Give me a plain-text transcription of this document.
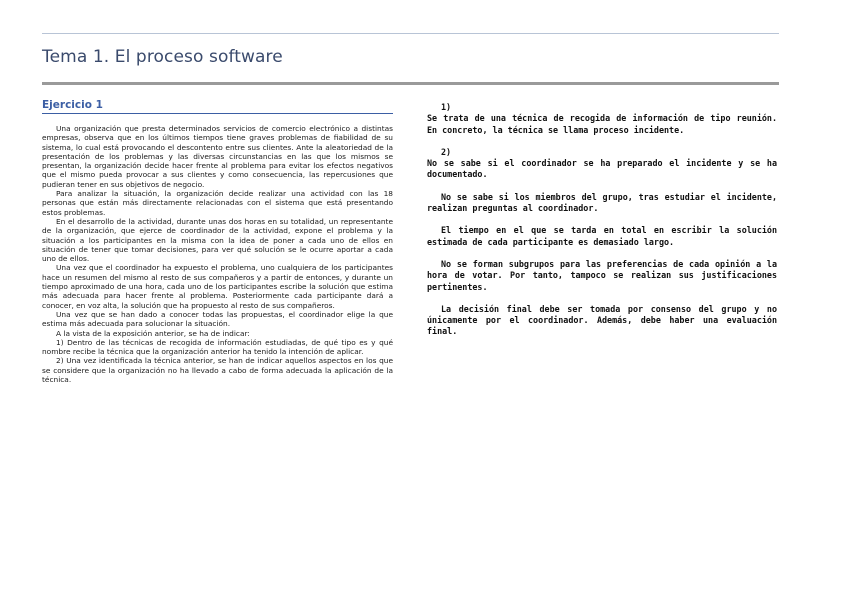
Tema 1. El proceso software
Ejercicio 1

Una organización que presta determinados servicios de comercio electrónico a distintas empresas, observa que en los últimos tiempos tiene graves problemas de fiabilidad de su sistema, lo cual está provocando el descontento entre sus clientes. Ante la aleatoriedad de la presentación de los problemas y las diversas circunstancias en las que los mismos se presentan, la organización decide hacer frente al problema para evitar los efectos negativos que el mismo pueda provocar a sus clientes y como consecuencia, las repercusiones que pudieran tener en sus objetivos de negocio.

Para analizar la situación, la organización decide realizar una actividad con las 18 personas que están más directamente relacionadas con el sistema que está presentando estos problemas.

En el desarrollo de la actividad, durante unas dos horas en su totalidad, un representante de la organización, que ejerce de coordinador de la actividad, expone el problema y la situación a los participantes en la misma con la idea de poner a cada uno de ellos en situación de tener que tomar decisiones, para ver qué solución se le ocurre aportar a cada uno de ellos.

Una vez que el coordinador ha expuesto el problema, uno cualquiera de los participantes hace un resumen del mismo al resto de sus compañeros y a partir de entonces, y durante un tiempo aproximado de una hora, cada uno de los participantes escribe la solución que estima más adecuada para hacer frente al problema. Posteriormente cada participante dará a conocer, en voz alta, la solución que ha propuesto al resto de sus compañeros.

Una vez que se han dado a conocer todas las propuestas, el coordinador elige la que estima más adecuada para solucionar la situación.

A la vista de la exposición anterior, se ha de indicar:

1) Dentro de las técnicas de recogida de información estudiadas, de qué tipo es y qué nombre recibe la técnica que la organización anterior ha tenido la intención de aplicar.

2) Una vez identificada la técnica anterior, se han de indicar aquellos aspectos en los que se considere que la organización no ha llevado a cabo de forma adecuada la aplicación de la técnica.

1)
Se trata de una técnica de recogida de información de tipo reunión. En concreto, la técnica se llama proceso incidente.

2)
No se sabe si el coordinador se ha preparado el incidente y se ha documentado.

No se sabe si los miembros del grupo, tras estudiar el incidente, realizan preguntas al coordinador.

El tiempo en el que se tarda en total en escribir la solución estimada de cada participante es demasiado largo.

No se forman subgrupos para las preferencias de cada opinión a la hora de votar. Por tanto, tampoco se realizan sus justificaciones pertinentes.

La decisión final debe ser tomada por consenso del grupo y no únicamente por el coordinador. Además, debe haber una evaluación final.
